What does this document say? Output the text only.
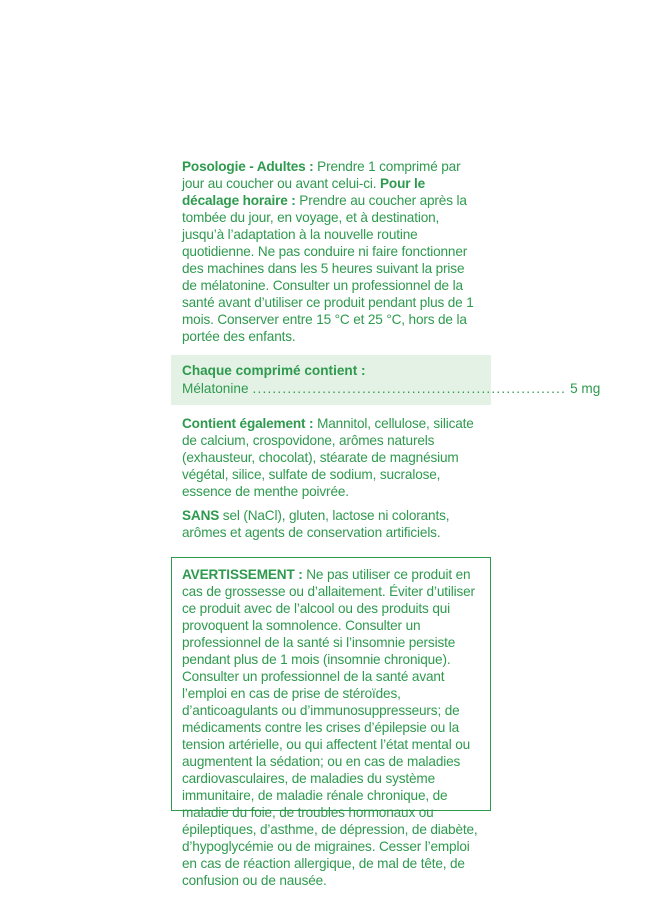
Posologie - Adultes : Prendre 1 comprimé par jour au coucher ou avant celui-ci. Pour le décalage horaire : Prendre au coucher après la tombée du jour, en voyage, et à destination, jusqu’à l’adaptation à la nouvelle routine quotidienne. Ne pas conduire ni faire fonctionner des machines dans les 5 heures suivant la prise de mélatonine. Consulter un professionnel de la santé avant d’utiliser ce produit pendant plus de 1 mois. Conserver entre 15 °C et 25 °C, hors de la portée des enfants.

Chaque comprimé contient :
Mélatonine ............................................................... 5 mg

Contient également : Mannitol, cellulose, silicate de calcium, crospovidone, arômes naturels (exhausteur, chocolat), stéarate de magnésium végétal, silice, sulfate de sodium, sucralose, essence de menthe poivrée.

SANS sel (NaCl), gluten, lactose ni colorants, arômes et agents de conservation artificiels.

AVERTISSEMENT : Ne pas utiliser ce produit en cas de grossesse ou d’allaitement. Éviter d’utiliser ce produit avec de l’alcool ou des produits qui provoquent la somnolence. Consulter un professionnel de la santé si l’insomnie persiste pendant plus de 1 mois (insomnie chronique). Consulter un professionnel de la santé avant l’emploi en cas de prise de stéroïdes, d’anticoagulants ou d’immunosuppresseurs; de médicaments contre les crises d’épilepsie ou la tension artérielle, ou qui affectent l’état mental ou augmentent la sédation; ou en cas de maladies cardiovasculaires, de maladies du système immunitaire, de maladie rénale chronique, de maladie du foie, de troubles hormonaux ou épileptiques, d’asthme, de dépression, de diabète, d’hypoglycémie ou de migraines. Cesser l’emploi en cas de réaction allergique, de mal de tête, de confusion ou de nausée.
